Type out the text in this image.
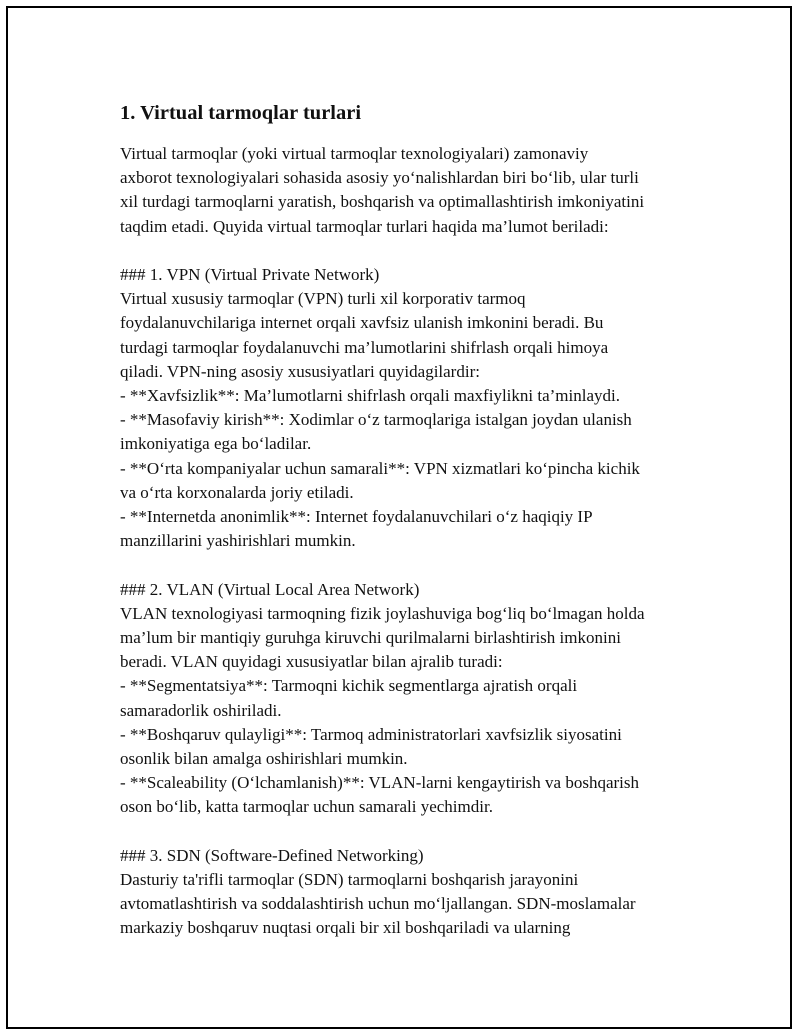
1. Virtual tarmoqlar turlari

Virtual tarmoqlar (yoki virtual tarmoqlar texnologiyalari) zamonaviy
axborot texnologiyalari sohasida asosiy yo‘nalishlardan biri bo‘lib, ular turli
xil turdagi tarmoqlarni yaratish, boshqarish va optimallashtirish imkoniyatini
taqdim etadi. Quyida virtual tarmoqlar turlari haqida ma’lumot beriladi:

### 1. VPN (Virtual Private Network)
Virtual xususiy tarmoqlar (VPN) turli xil korporativ tarmoq
foydalanuvchilariga internet orqali xavfsiz ulanish imkonini beradi. Bu
turdagi tarmoqlar foydalanuvchi ma’lumotlarini shifrlash orqali himoya
qiladi. VPN-ning asosiy xususiyatlari quyidagilardir:
- **Xavfsizlik**: Ma’lumotlarni shifrlash orqali maxfiylikni ta’minlaydi.
- **Masofaviy kirish**: Xodimlar o‘z tarmoqlariga istalgan joydan ulanish
imkoniyatiga ega bo‘ladilar.
- **O‘rta kompaniyalar uchun samarali**: VPN xizmatlari ko‘pincha kichik
va o‘rta korxonalarda joriy etiladi.
- **Internetda anonimlik**: Internet foydalanuvchilari o‘z haqiqiy IP
manzillarini yashirishlari mumkin.

### 2. VLAN (Virtual Local Area Network)
VLAN texnologiyasi tarmoqning fizik joylashuviga bog‘liq bo‘lmagan holda
ma’lum bir mantiqiy guruhga kiruvchi qurilmalarni birlashtirish imkonini
beradi. VLAN quyidagi xususiyatlar bilan ajralib turadi:
- **Segmentatsiya**: Tarmoqni kichik segmentlarga ajratish orqali
samaradorlik oshiriladi.
- **Boshqaruv qulayligi**: Tarmoq administratorlari xavfsizlik siyosatini
osonlik bilan amalga oshirishlari mumkin.
- **Scaleability (O‘lchamlanish)**: VLAN-larni kengaytirish va boshqarish
oson bo‘lib, katta tarmoqlar uchun samarali yechimdir.

### 3. SDN (Software-Defined Networking)
Dasturiy ta'rifli tarmoqlar (SDN) tarmoqlarni boshqarish jarayonini
avtomatlashtirish va soddalashtirish uchun mo‘ljallangan. SDN-moslamalar
markaziy boshqaruv nuqtasi orqali bir xil boshqariladi va ularning
